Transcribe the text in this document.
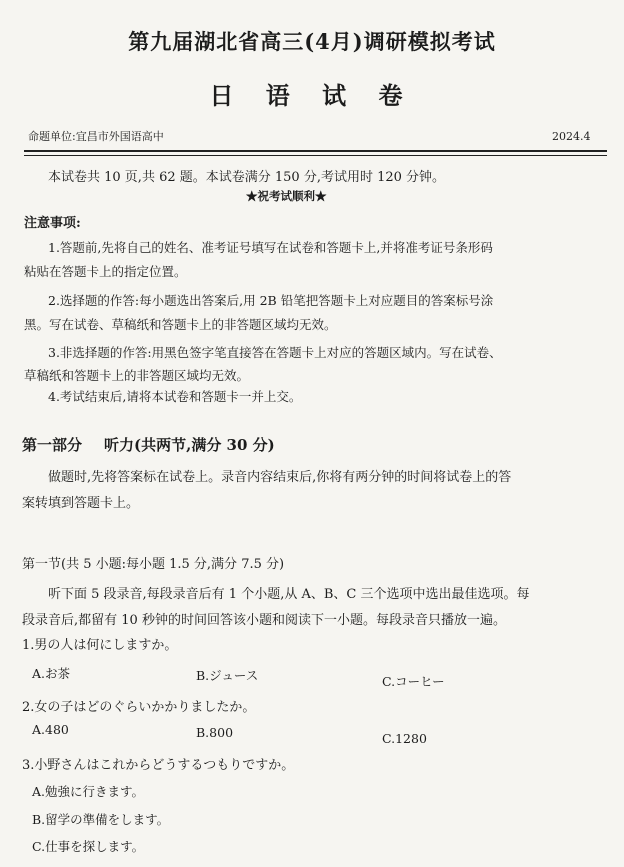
第九届湖北省高三(4月)调研模拟考试
日 语 试 卷
命题单位:宜昌市外国语高中	2024.4
本试卷共 10 页,共 62 题。本试卷满分 150 分,考试用时 120 分钟。
★祝考试顺利★
注意事项:
1.答题前,先将自己的姓名、准考证号填写在试卷和答题卡上,并将准考证号条形码
粘贴在答题卡上的指定位置。
2.选择题的作答:每小题选出答案后,用 2B 铅笔把答题卡上对应题目的答案标号涂
黑。写在试卷、草稿纸和答题卡上的非答题区域均无效。
3.非选择题的作答:用黑色签字笔直接答在答题卡上对应的答题区域内。写在试卷、
草稿纸和答题卡上的非答题区域均无效。
4.考试结束后,请将本试卷和答题卡一并上交。
第一部分 听力(共两节,满分 30 分)
做题时,先将答案标在试卷上。录音内容结束后,你将有两分钟的时间将试卷上的答
案转填到答题卡上。
第一节(共 5 小题:每小题 1.5 分,满分 7.5 分)
听下面 5 段录音,每段录音后有 1 个小题,从 A、B、C 三个选项中选出最佳选项。每
段录音后,都留有 10 秒钟的时间回答该小题和阅读下一小题。每段录音只播放一遍。
1.男の人は何にしますか。
A.お茶	B.ジュース	C.コーヒー
2.女の子はどのぐらいかかりましたか。
A.480	B.800	C.1280
3.小野さんはこれからどうするつもりですか。
A.勉強に行きます。
B.留学の準備をします。
C.仕事を探します。
